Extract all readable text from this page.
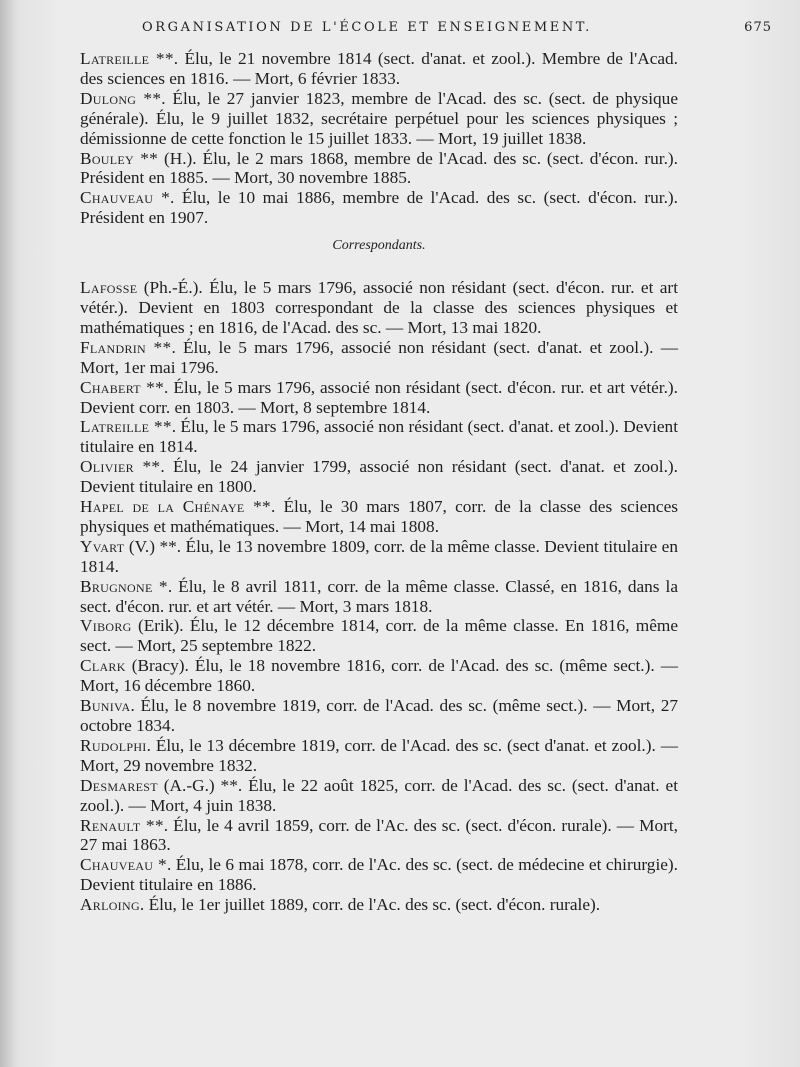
ORGANISATION DE L'ÉCOLE ET ENSEIGNEMENT.	675

Latreille **. Élu, le 21 novembre 1814 (sect. d'anat. et zool.). Membre de l'Acad. des sciences en 1816. — Mort, 6 février 1833.

Dulong **. Élu, le 27 janvier 1823, membre de l'Acad. des sc. (sect. de physique générale). Élu, le 9 juillet 1832, secrétaire perpétuel pour les sciences physiques ; démissionne de cette fonction le 15 juillet 1833. — Mort, 19 juillet 1838.

Bouley ** (H.). Élu, le 2 mars 1868, membre de l'Acad. des sc. (sect. d'écon. rur.). Président en 1885. — Mort, 30 novembre 1885.

Chauveau *. Élu, le 10 mai 1886, membre de l'Acad. des sc. (sect. d'écon. rur.). Président en 1907.

Correspondants.

Lafosse (Ph.-É.). Élu, le 5 mars 1796, associé non résidant (sect. d'écon. rur. et art vétér.). Devient en 1803 correspondant de la classe des sciences physiques et mathématiques ; en 1816, de l'Acad. des sc. — Mort, 13 mai 1820.

Flandrin **. Élu, le 5 mars 1796, associé non résidant (sect. d'anat. et zool.). — Mort, 1er mai 1796.

Chabert **. Élu, le 5 mars 1796, associé non résidant (sect. d'écon. rur. et art vétér.). Devient corr. en 1803. — Mort, 8 septembre 1814.

Latreille **. Élu, le 5 mars 1796, associé non résidant (sect. d'anat. et zool.). Devient titulaire en 1814.

Olivier **. Élu, le 24 janvier 1799, associé non résidant (sect. d'anat. et zool.). Devient titulaire en 1800.

Hapel de la Chénaye **. Élu, le 30 mars 1807, corr. de la classe des sciences physiques et mathématiques. — Mort, 14 mai 1808.

Yvart (V.) **. Élu, le 13 novembre 1809, corr. de la même classe. Devient titulaire en 1814.

Brugnone *. Élu, le 8 avril 1811, corr. de la même classe. Classé, en 1816, dans la sect. d'écon. rur. et art vétér. — Mort, 3 mars 1818.

Viborg (Erik). Élu, le 12 décembre 1814, corr. de la même classe. En 1816, même sect. — Mort, 25 septembre 1822.

Clark (Bracy). Élu, le 18 novembre 1816, corr. de l'Acad. des sc. (même sect.). — Mort, 16 décembre 1860.

Buniva. Élu, le 8 novembre 1819, corr. de l'Acad. des sc. (même sect.). — Mort, 27 octobre 1834.

Rudolphi. Élu, le 13 décembre 1819, corr. de l'Acad. des sc. (sect d'anat. et zool.). — Mort, 29 novembre 1832.

Desmarest (A.-G.) **. Élu, le 22 août 1825, corr. de l'Acad. des sc. (sect. d'anat. et zool.). — Mort, 4 juin 1838.

Renault **. Élu, le 4 avril 1859, corr. de l'Ac. des sc. (sect. d'écon. rurale). — Mort, 27 mai 1863.

Chauveau *. Élu, le 6 mai 1878, corr. de l'Ac. des sc. (sect. de médecine et chirurgie). Devient titulaire en 1886.

Arloing. Élu, le 1er juillet 1889, corr. de l'Ac. des sc. (sect. d'écon. rurale).
